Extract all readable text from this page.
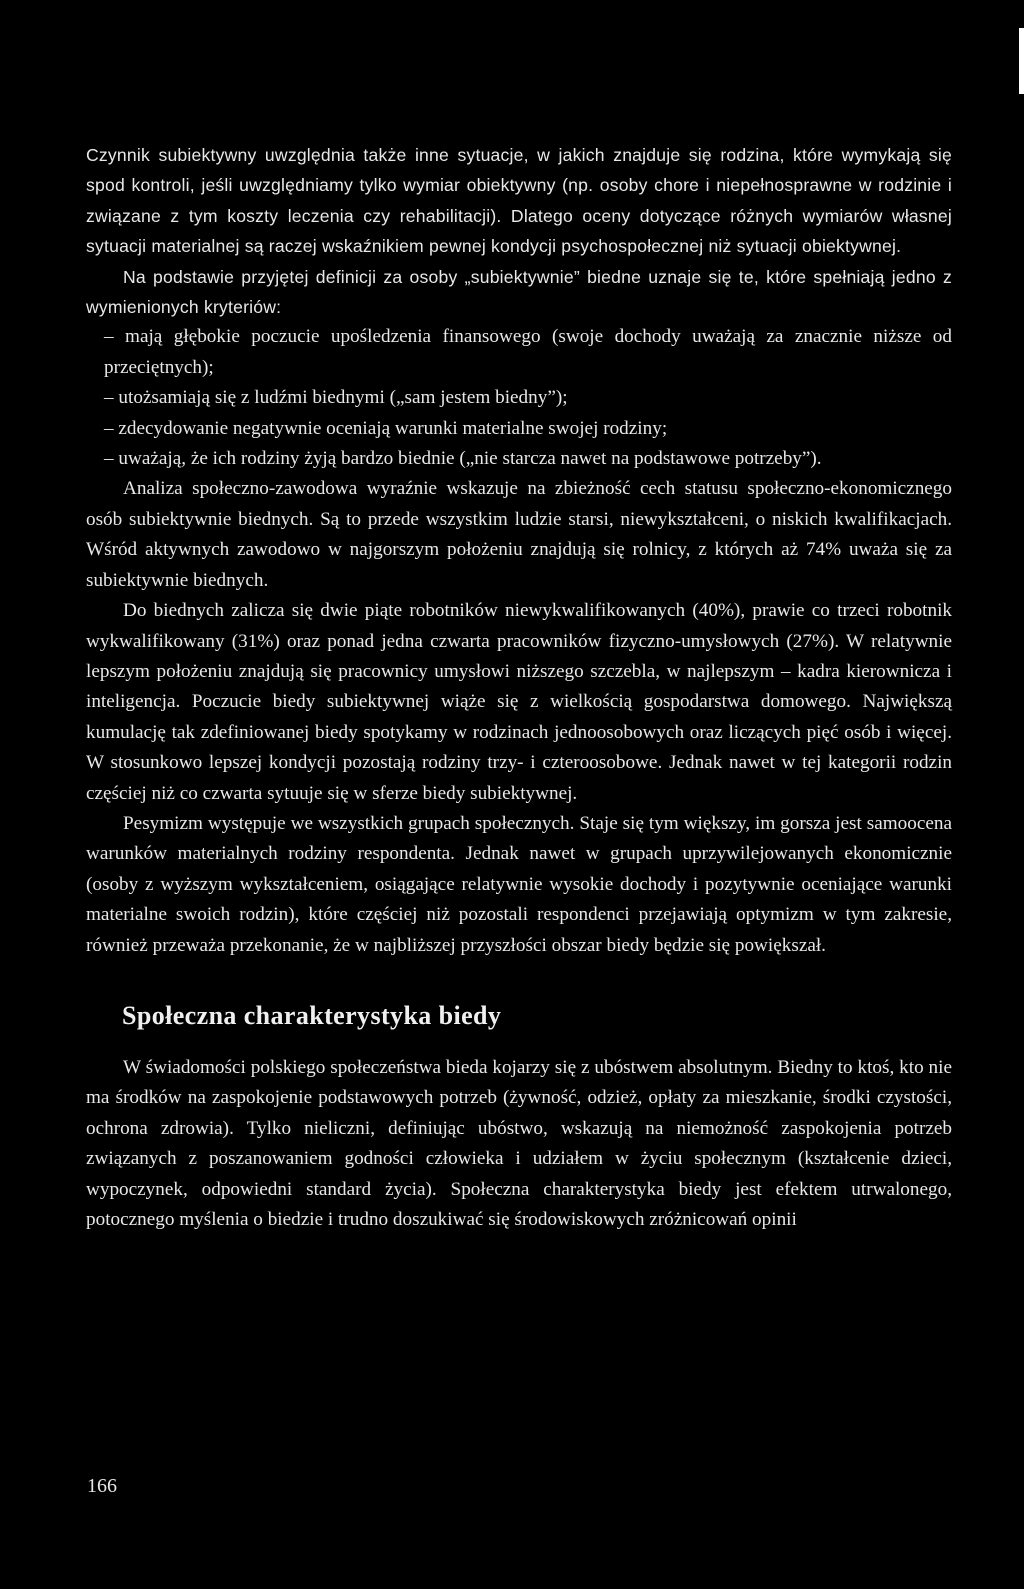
Czynnik subiektywny uwzględnia także inne sytuacje, w jakich znajduje się rodzina, które wymykają się spod kontroli, jeśli uwzględniamy tylko wymiar obiektywny (np. osoby chore i niepełnosprawne w rodzinie i związane z tym koszty leczenia czy rehabilitacji). Dlatego oceny dotyczące różnych wymiarów własnej sytuacji materialnej są raczej wskaźnikiem pewnej kondycji psychospołecznej niż sytuacji obiektywnej.

Na podstawie przyjętej definicji za osoby „subiektywnie” biedne uznaje się te, które spełniają jedno z wymienionych kryteriów:

– mają głębokie poczucie upośledzenia finansowego (swoje dochody uważają za znacznie niższe od przeciętnych);
– utożsamiają się z ludźmi biednymi („sam jestem biedny”);
– zdecydowanie negatywnie oceniają warunki materialne swojej rodziny;
– uważają, że ich rodziny żyją bardzo biednie („nie starcza nawet na podstawowe potrzeby”).

Analiza społeczno-zawodowa wyraźnie wskazuje na zbieżność cech statusu społeczno-ekonomicznego osób subiektywnie biednych. Są to przede wszystkim ludzie starsi, niewykształceni, o niskich kwalifikacjach. Wśród aktywnych zawodowo w najgorszym położeniu znajdują się rolnicy, z których aż 74% uważa się za subiektywnie biednych.

Do biednych zalicza się dwie piąte robotników niewykwalifikowanych (40%), prawie co trzeci robotnik wykwalifikowany (31%) oraz ponad jedna czwarta pracowników fizyczno-umysłowych (27%). W relatywnie lepszym położeniu znajdują się pracownicy umysłowi niższego szczebla, w najlepszym – kadra kierownicza i inteligencja. Poczucie biedy subiektywnej wiąże się z wielkością gospodarstwa domowego. Największą kumulację tak zdefiniowanej biedy spotykamy w rodzinach jednoosobowych oraz liczących pięć osób i więcej. W stosunkowo lepszej kondycji pozostają rodziny trzy- i czteroosobowe. Jednak nawet w tej kategorii rodzin częściej niż co czwarta sytuuje się w sferze biedy subiektywnej.

Pesymizm występuje we wszystkich grupach społecznych. Staje się tym większy, im gorsza jest samoocena warunków materialnych rodziny respondenta. Jednak nawet w grupach uprzywilejowanych ekonomicznie (osoby z wyższym wykształceniem, osiągające relatywnie wysokie dochody i pozytywnie oceniające warunki materialne swoich rodzin), które częściej niż pozostali respondenci przejawiają optymizm w tym zakresie, również przeważa przekonanie, że w najbliższej przyszłości obszar biedy będzie się powiększał.

Społeczna charakterystyka biedy

W świadomości polskiego społeczeństwa bieda kojarzy się z ubóstwem absolutnym. Biedny to ktoś, kto nie ma środków na zaspokojenie podstawowych potrzeb (żywność, odzież, opłaty za mieszkanie, środki czystości, ochrona zdrowia). Tylko nieliczni, definiując ubóstwo, wskazują na niemożność zaspokojenia potrzeb związanych z poszanowaniem godności człowieka i udziałem w życiu społecznym (kształcenie dzieci, wypoczynek, odpowiedni standard życia). Społeczna charakterystyka biedy jest efektem utrwalonego, potocznego myślenia o biedzie i trudno doszukiwać się środowiskowych zróżnicowań opinii

166
